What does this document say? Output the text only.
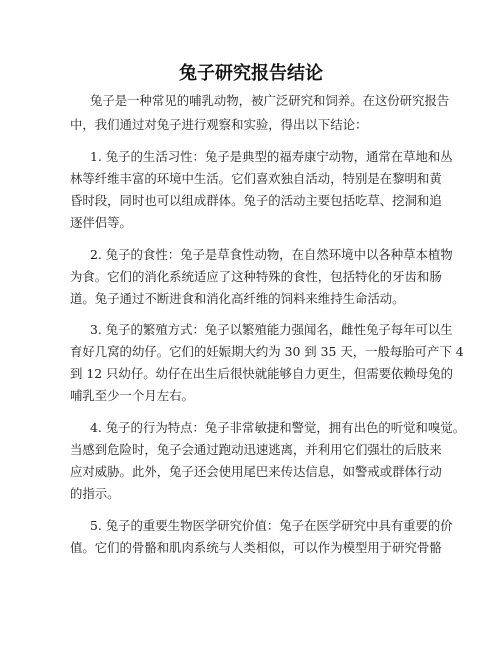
兔子研究报告结论
兔子是一种常见的哺乳动物，被广泛研究和饲养。在这份研究报告
中，我们通过对兔子进行观察和实验，得出以下结论：
1. 兔子的生活习性：兔子是典型的福寿康宁动物，通常在草地和丛
林等纤维丰富的环境中生活。它们喜欢独自活动，特别是在黎明和黄
昏时段，同时也可以组成群体。兔子的活动主要包括吃草、挖洞和追
逐伴侣等。
2. 兔子的食性：兔子是草食性动物，在自然环境中以各种草本植物
为食。它们的消化系统适应了这种特殊的食性，包括特化的牙齿和肠
道。兔子通过不断进食和消化高纤维的饲料来维持生命活动。
3. 兔子的繁殖方式：兔子以繁殖能力强闻名，雌性兔子每年可以生
育好几窝的幼仔。它们的妊娠期大约为 30 到 35 天，一般每胎可产下 4
到 12 只幼仔。幼仔在出生后很快就能够自力更生，但需要依赖母兔的
哺乳至少一个月左右。
4. 兔子的行为特点：兔子非常敏捷和警觉，拥有出色的听觉和嗅觉。
当感到危险时，兔子会通过跑动迅速逃离，并利用它们强壮的后肢来
应对威胁。此外，兔子还会使用尾巴来传达信息，如警戒或群体行动
的指示。
5. 兔子的重要生物医学研究价值：兔子在医学研究中具有重要的价
值。它们的骨骼和肌肉系统与人类相似，可以作为模型用于研究骨骼
